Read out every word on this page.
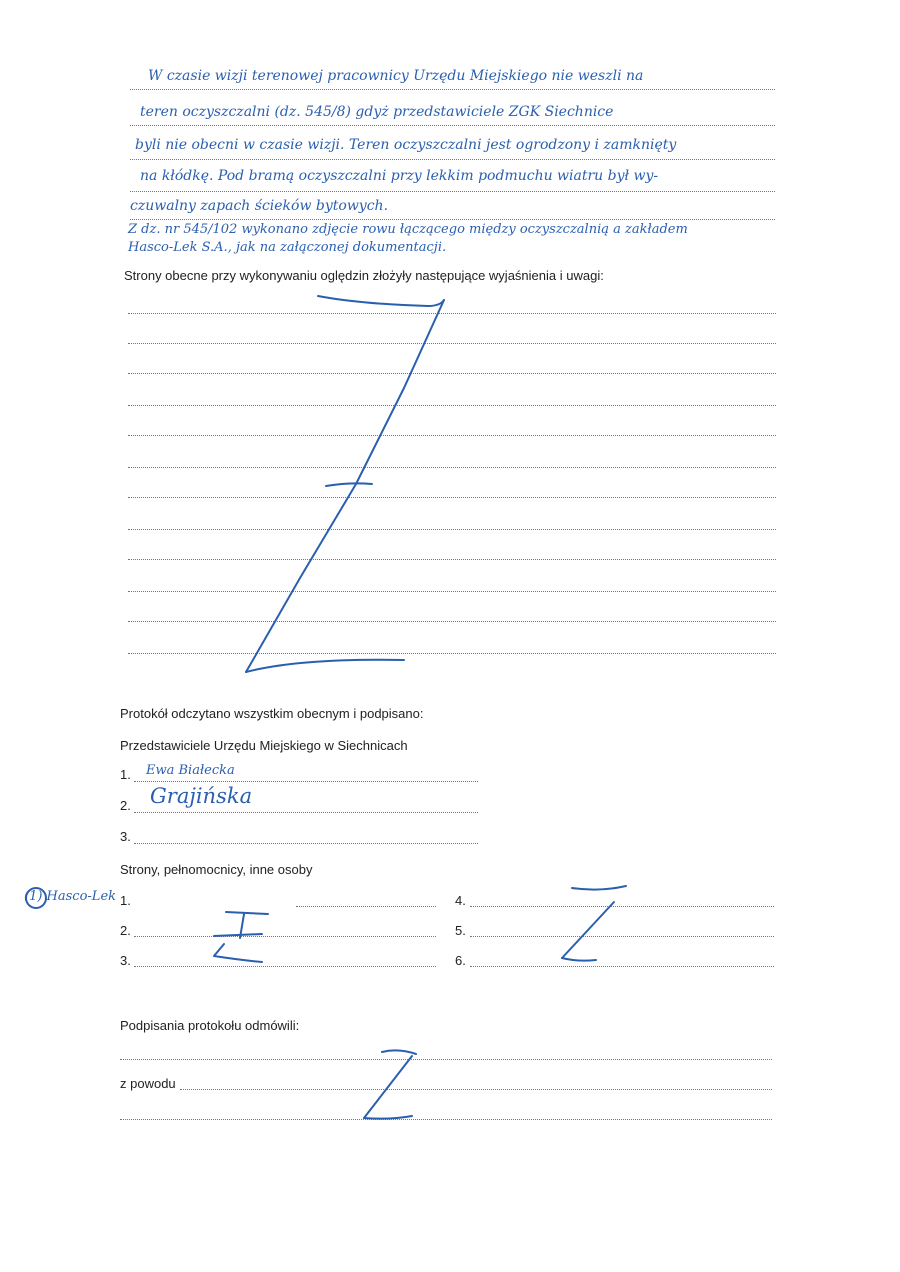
W czasie wizji terenowej pracownicy Urzędu Miejskiego nie weszli na
teren oczyszczalni (dz. 545/8) gdyż przedstawiciele ZGK Siechnice
byli nie obecni w czasie wizji. Teren oczyszczalni jest ogrodzony i zamknięty
na kłódkę. Pod bramą oczyszczalni przy lekkim podmuchu wiatru był wy-
czuwalny zapach ścieków bytowych.
Z dz. nr 545/102 wykonano zdjęcie rowu łączącego między oczyszczalnią a zakładem
Hasco-Lek S.A., jak na załączonej dokumentacji.
Strony obecne przy wykonywaniu oględzin złożyły następujące wyjaśnienia i uwagi:
Protokół odczytano wszystkim obecnym i podpisano:
Przedstawiciele Urzędu Miejskiego w Siechnicach
1. Ewa Białecka
2. Grajińska
3.
Strony, pełnomocnicy, inne osoby
(1) Hasco-Lek 1.	4.
2.	5.
3.	6.
Podpisania protokołu odmówili:
z powodu
